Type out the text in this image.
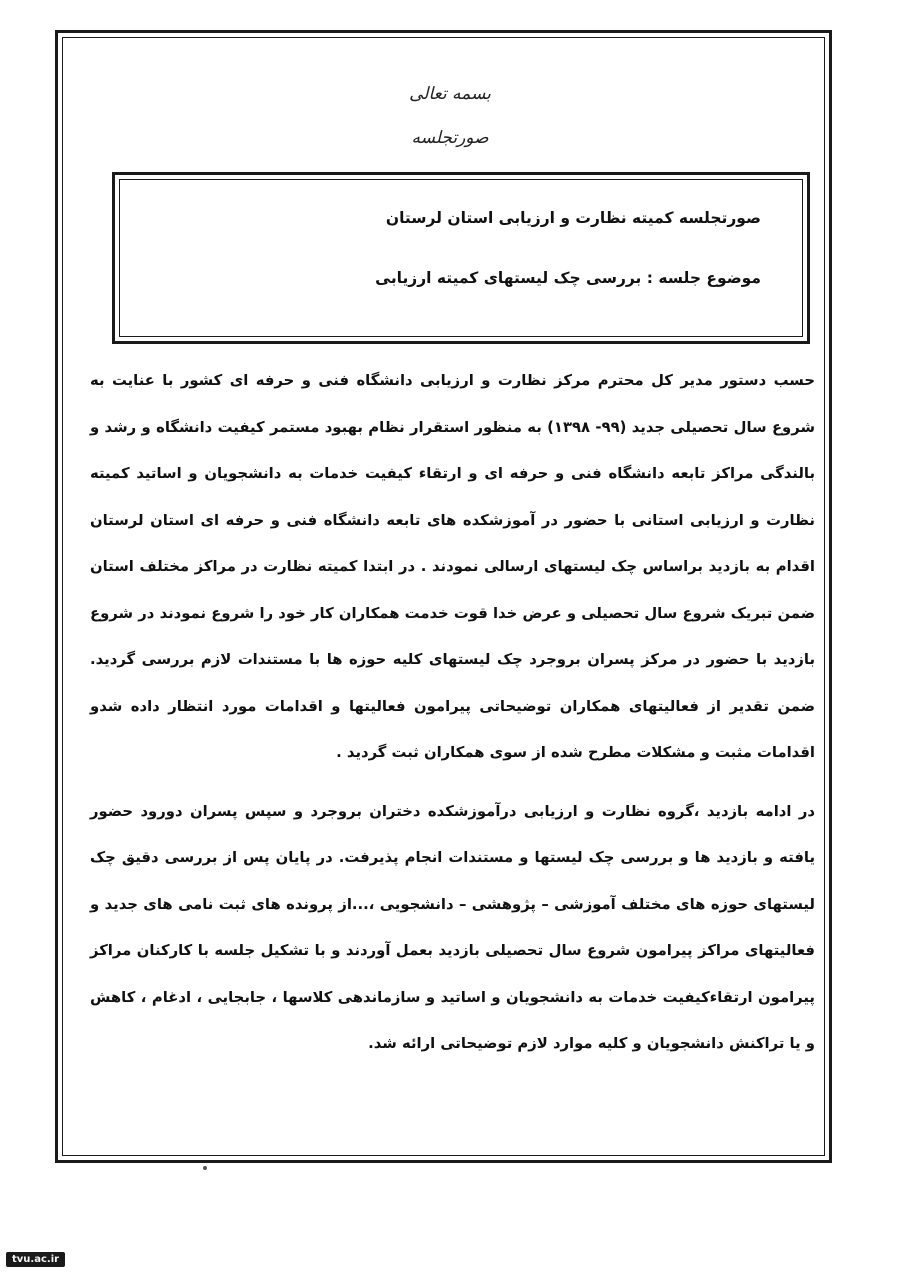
بسمه تعالی
صورتجلسه
صورتجلسه کمیته نظارت و ارزیابی استان لرستان
موضوع جلسه : بررسی چک لیستهای کمیته ارزیابی

حسب دستور مدیر کل محترم مرکز نظارت و ارزیابی دانشگاه فنی و حرفه ای کشور با عنایت به شروع سال تحصیلی جدید (۹۹- ۱۳۹۸) به منظور استقرار نظام بهبود مستمر کیفیت دانشگاه و رشد و بالندگی مراکز تابعه دانشگاه فنی و حرفه ای و ارتقاء کیفیت خدمات به دانشجویان و اساتید کمیته نظارت و ارزیابی استانی با حضور در آموزشکده های تابعه دانشگاه فنی و حرفه ای استان لرستان اقدام به بازدید براساس چک لیستهای ارسالی نمودند . در ابتدا کمیته نظارت در مراکز مختلف استان ضمن تبریک شروع سال تحصیلی و عرض خدا قوت خدمت همکاران کار خود را شروع نمودند در شروع بازدید با حضور در مرکز پسران بروجرد چک لیستهای کلیه حوزه ها با مستندات لازم بررسی گردید. ضمن تقدیر از فعالیتهای همکاران توضیحاتی پیرامون فعالیتها و اقدامات مورد انتظار داده شدو اقدامات مثبت و مشکلات مطرح شده از سوی همکاران ثبت گردید .

در ادامه بازدید ،گروه نظارت و ارزیابی درآموزشکده دختران بروجرد و سپس پسران دورود حضور یافته و بازدید ها و بررسی چک لیستها و مستندات انجام پذیرفت. در پایان پس از بررسی دقیق چک لیستهای حوزه های مختلف آموزشی – پژوهشی – دانشجویی ،...از پرونده های ثبت نامی های جدید و فعالیتهای مراکز پیرامون شروع سال تحصیلی بازدید بعمل آوردند و با تشکیل جلسه با کارکنان مراکز پیرامون ارتقاءکیفیت خدمات به دانشجویان و اساتید و سازماندهی کلاسها ، جابجایی ، ادغام ، کاهش و یا تراکنش دانشجویان و کلیه موارد لازم توضیحاتی ارائه شد.

tvu.ac.ir
